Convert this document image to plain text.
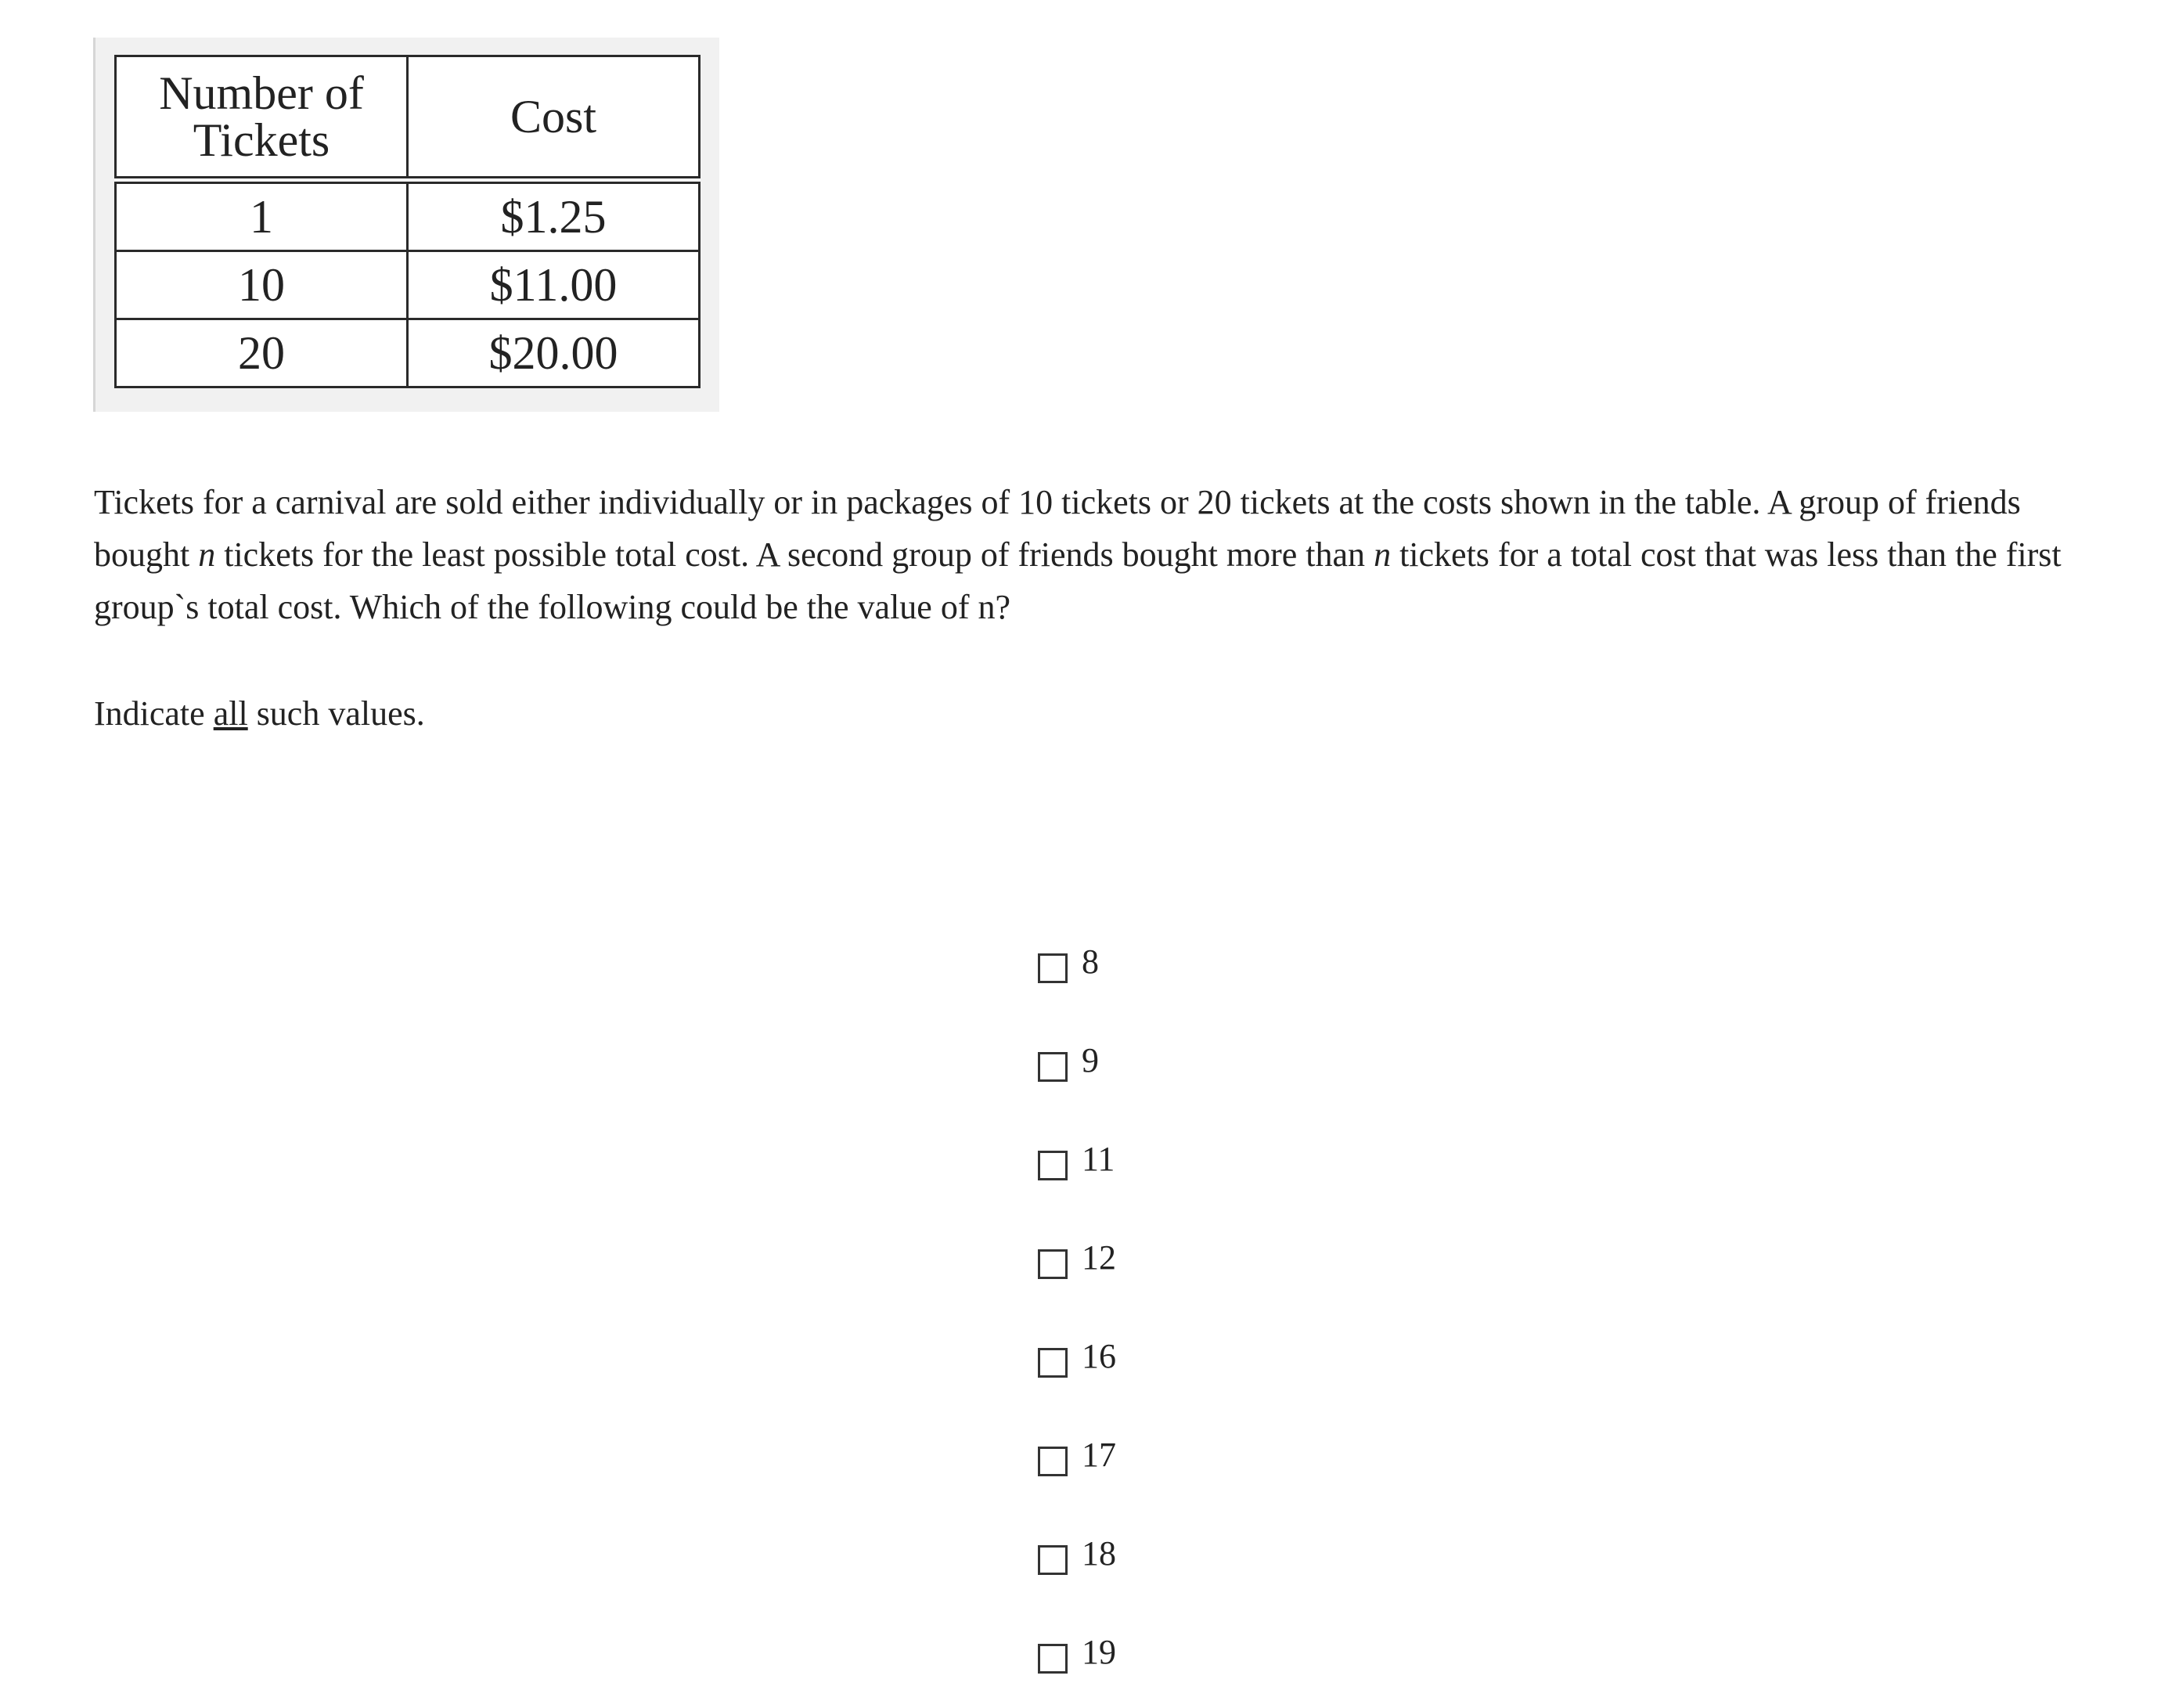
Number of Tickets	Cost
1	$1.25
10	$11.00
20	$20.00

Tickets for a carnival are sold either individually or in packages of 10 tickets or 20 tickets at the costs shown in the table. A group of friends bought n tickets for the least possible total cost. A second group of friends bought more than n tickets for a total cost that was less than the first group`s total cost. Which of the following could be the value of n?

Indicate all such values.

8
9
11
12
16
17
18
19
